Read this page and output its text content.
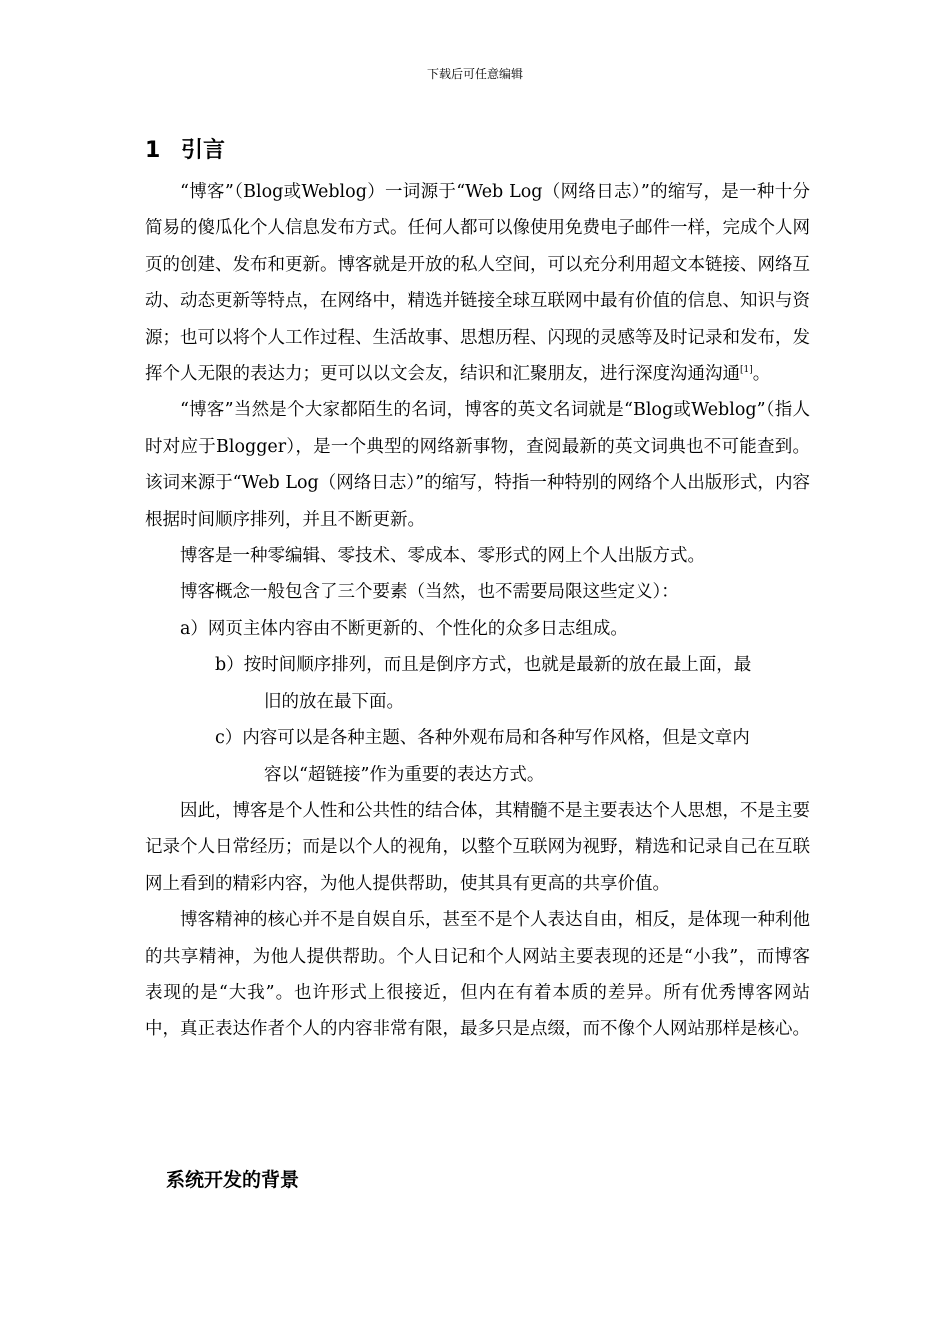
下载后可任意编辑
1 引言

“博客”（Blog或Weblog）一词源于“Web Log（网络日志）”的缩写，是一种十分简易的傻瓜化个人信息发布方式。任何人都可以像使用免费电子邮件一样，完成个人网页的创建、发布和更新。博客就是开放的私人空间，可以充分利用超文本链接、网络互动、动态更新等特点，在网络中，精选并链接全球互联网中最有价值的信息、知识与资源；也可以将个人工作过程、生活故事、思想历程、闪现的灵感等及时记录和发布，发挥个人无限的表达力；更可以以文会友，结识和汇聚朋友，进行深度沟通沟通[1]。

“博客”当然是个大家都陌生的名词，博客的英文名词就是“Blog或Weblog”（指人时对应于Blogger），是一个典型的网络新事物，查阅最新的英文词典也不可能查到。该词来源于“Web Log（网络日志）”的缩写，特指一种特别的网络个人出版形式，内容根据时间顺序排列，并且不断更新。

博客是一种零编辑、零技术、零成本、零形式的网上个人出版方式。

博客概念一般包含了三个要素（当然，也不需要局限这些定义）：

a）网页主体内容由不断更新的、个性化的众多日志组成。

b）按时间顺序排列，而且是倒序方式，也就是最新的放在最上面，最
旧的放在最下面。

c）内容可以是各种主题、各种外观布局和各种写作风格，但是文章内
容以“超链接”作为重要的表达方式。

因此，博客是个人性和公共性的结合体，其精髓不是主要表达个人思想，不是主要记录个人日常经历；而是以个人的视角，以整个互联网为视野，精选和记录自己在互联网上看到的精彩内容，为他人提供帮助，使其具有更高的共享价值。

博客精神的核心并不是自娱自乐，甚至不是个人表达自由，相反，是体现一种利他的共享精神，为他人提供帮助。个人日记和个人网站主要表现的还是“小我”，而博客表现的是“大我”。也许形式上很接近，但内在有着本质的差异。所有优秀博客网站中，真正表达作者个人的内容非常有限，最多只是点缀，而不像个人网站那样是核心。

系统开发的背景
